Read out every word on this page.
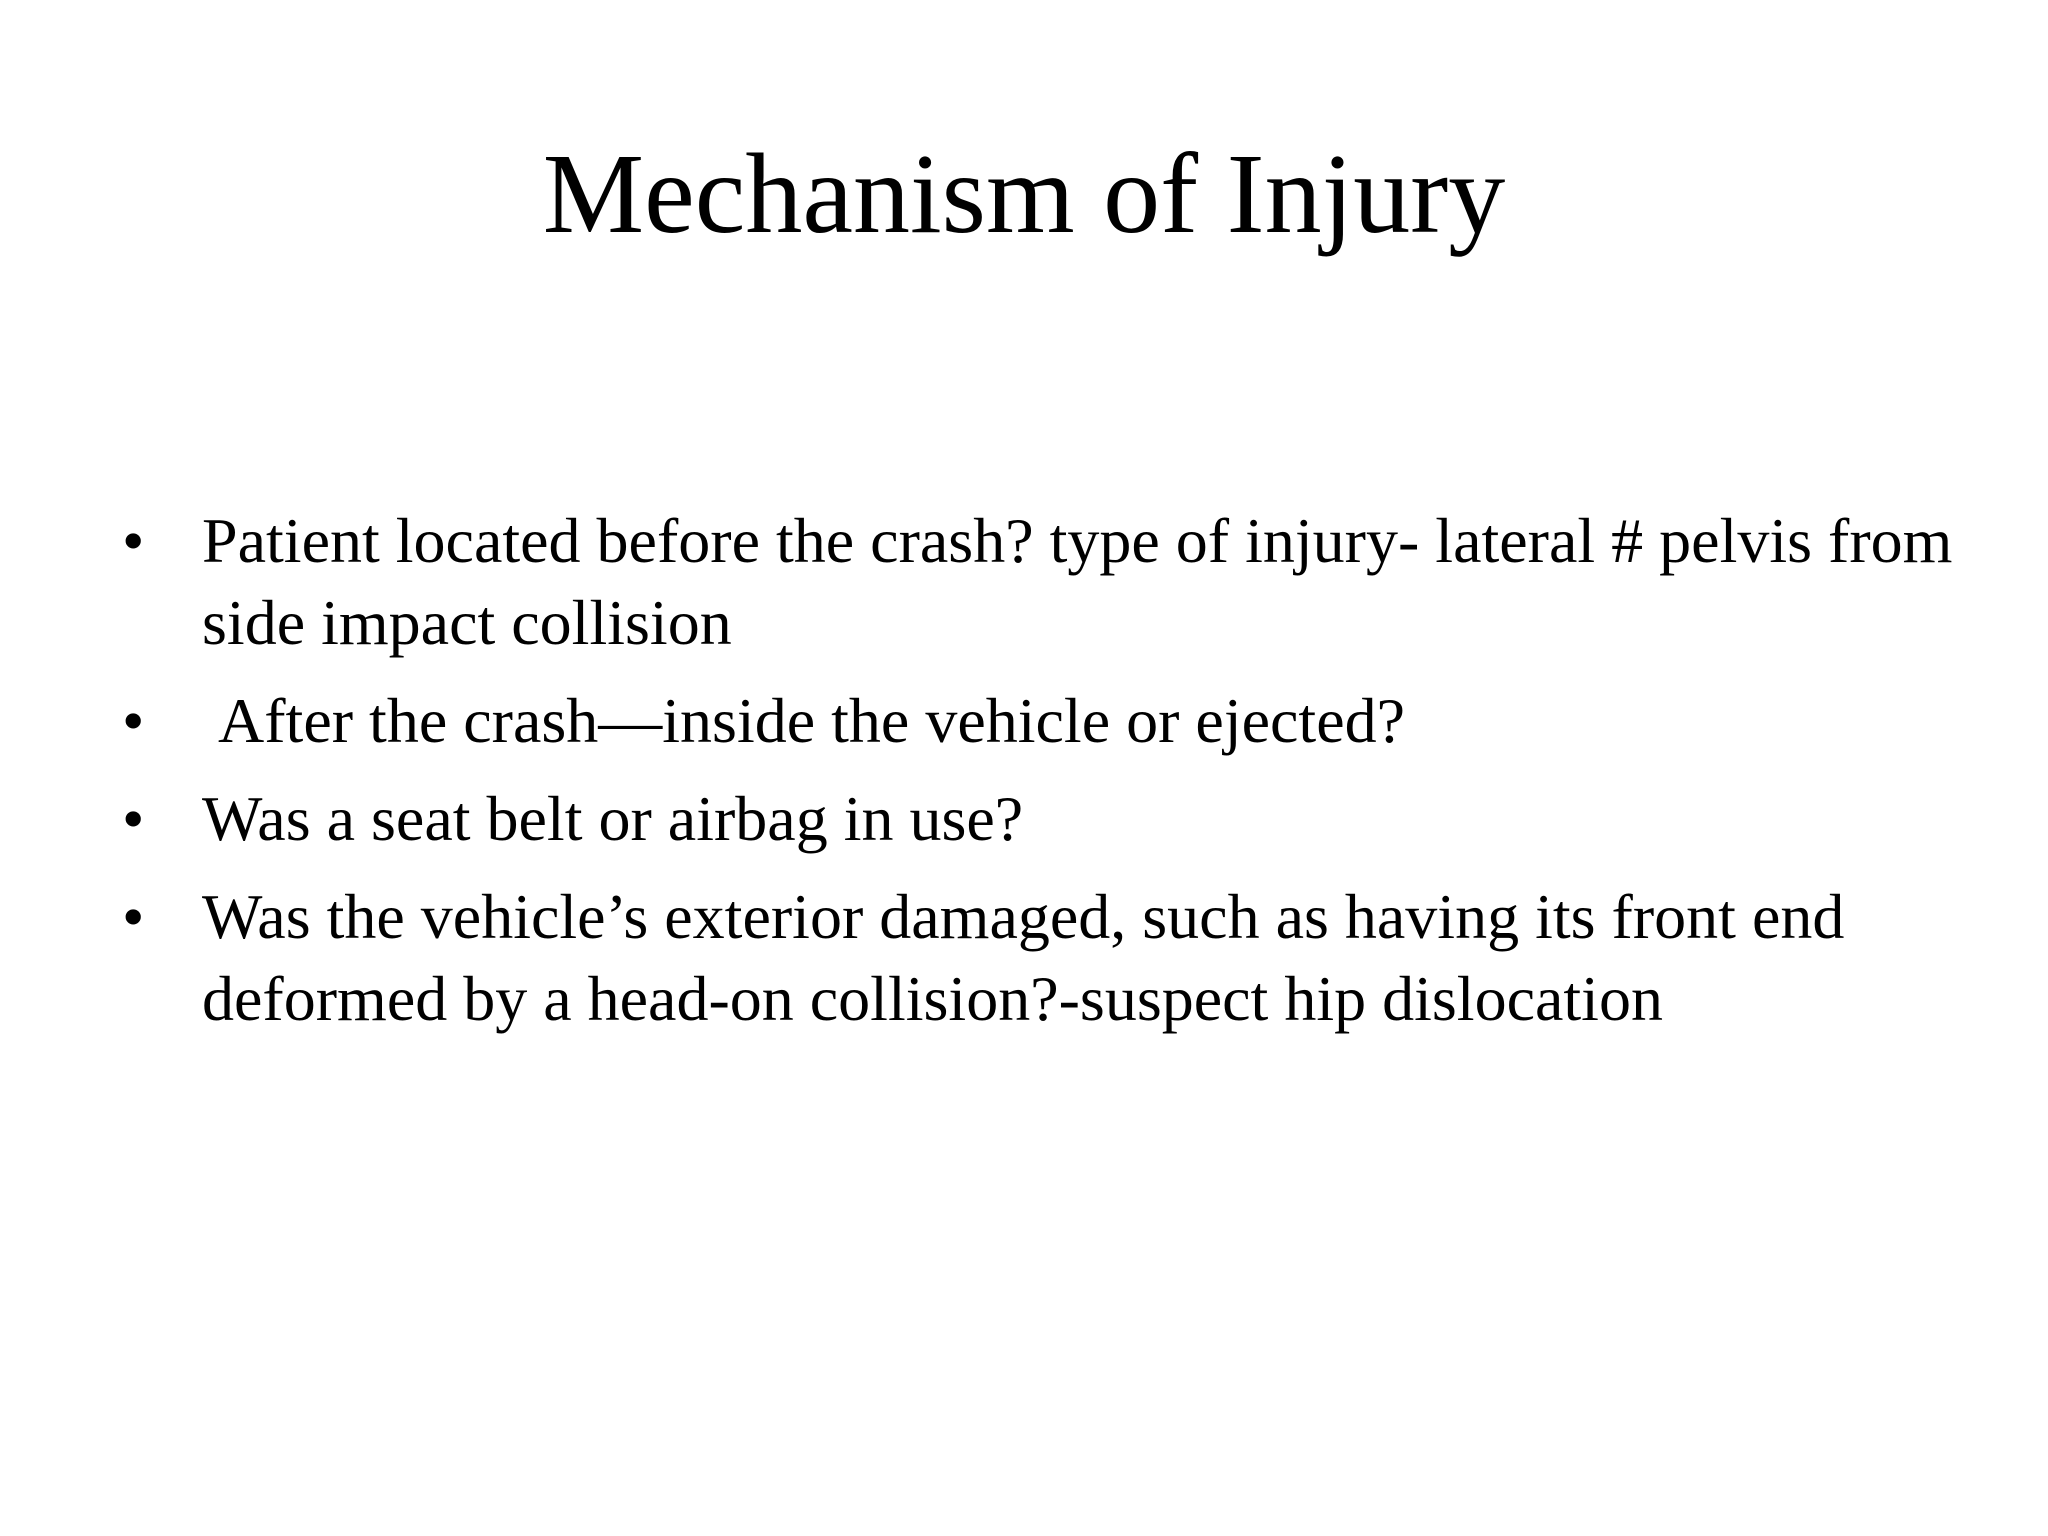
Mechanism of Injury
• Patient located before the crash? type of injury- lateral # pelvis from side impact collision
•	After the crash—inside the vehicle or ejected?
• Was a seat belt or airbag in use?
• Was the vehicle’s exterior damaged, such as having its front end deformed by a head-on collision?-suspect hip dislocation
